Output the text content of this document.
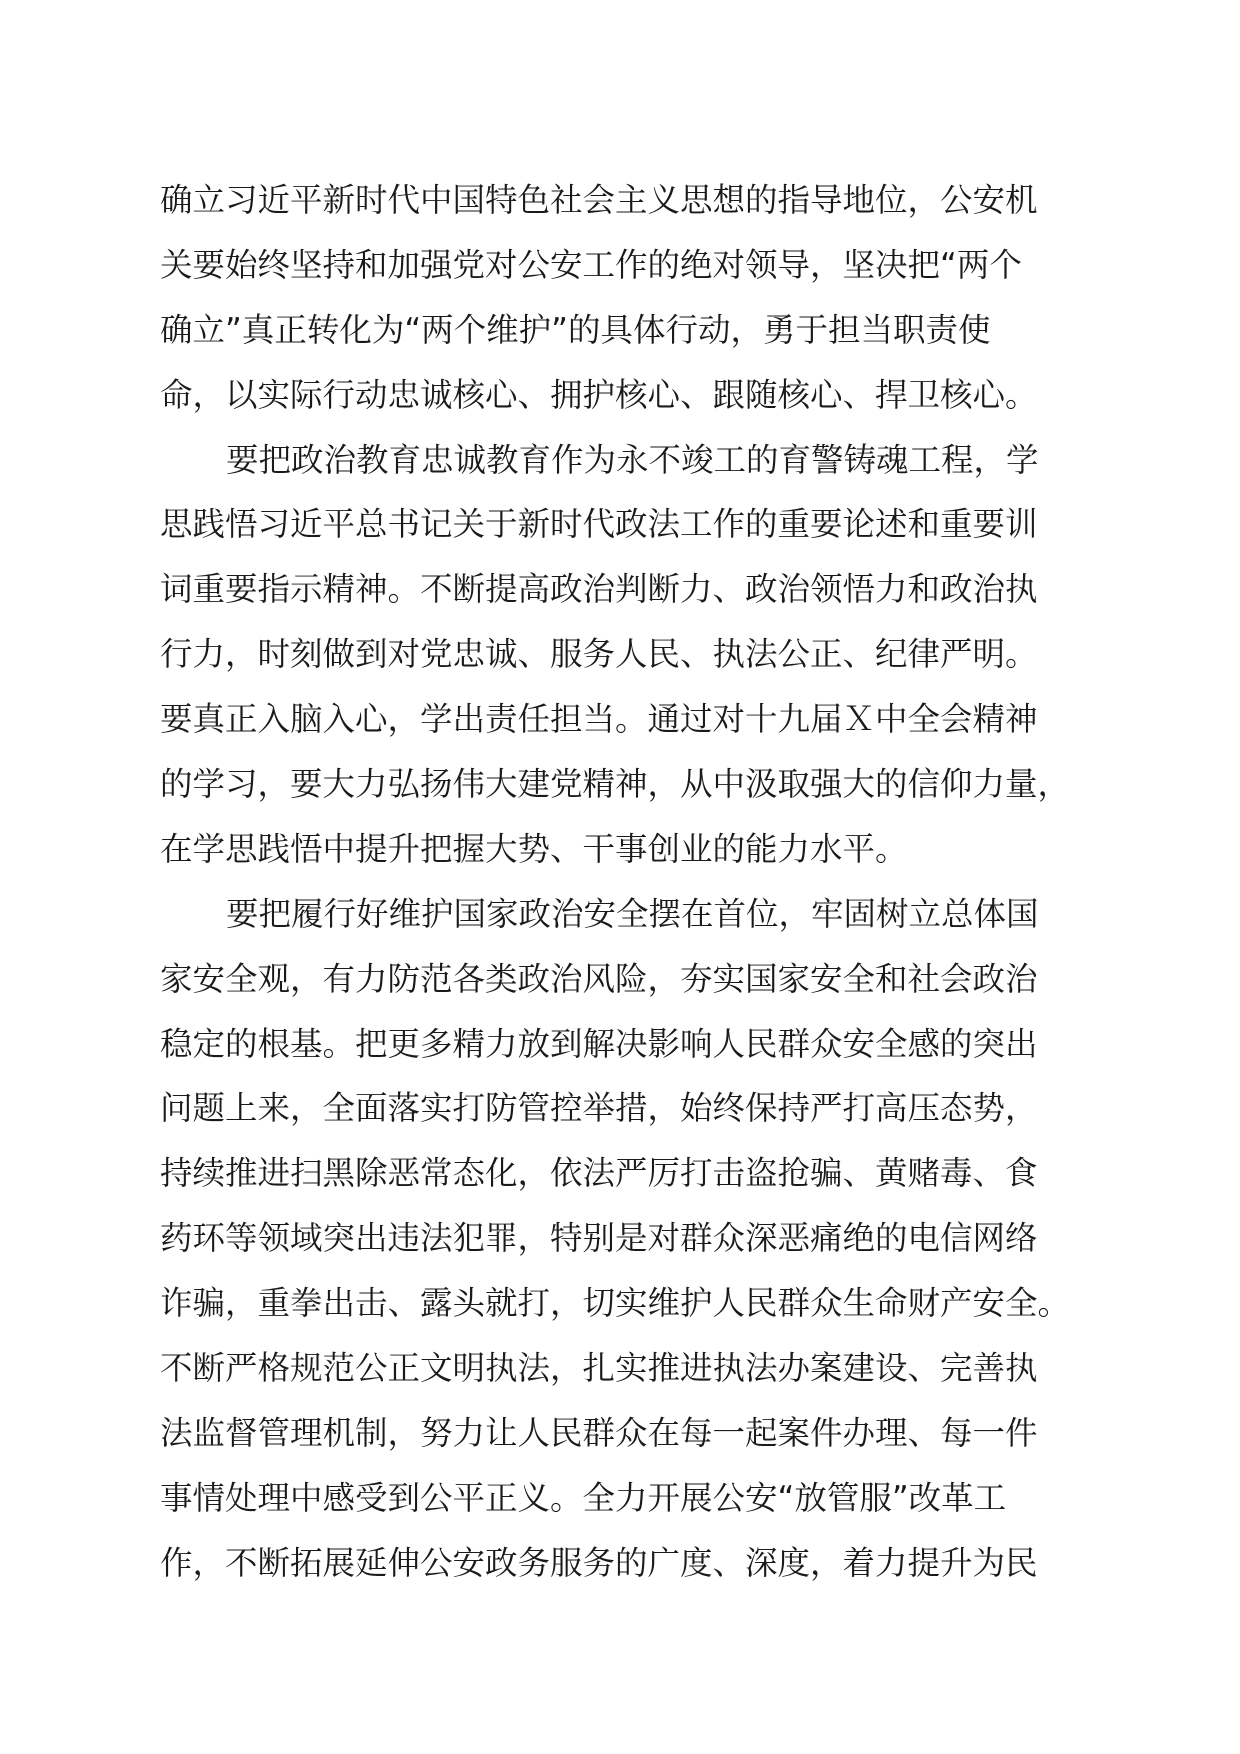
确立习近平新时代中国特色社会主义思想的指导地位，公安机
关要始终坚持和加强党对公安工作的绝对领导，坚决把“两个
确立”真正转化为“两个维护”的具体行动，勇于担当职责使
命，以实际行动忠诚核心、拥护核心、跟随核心、捍卫核心。
要把政治教育忠诚教育作为永不竣工的育警铸魂工程，学
思践悟习近平总书记关于新时代政法工作的重要论述和重要训
词重要指示精神。不断提高政治判断力、政治领悟力和政治执
行力，时刻做到对党忠诚、服务人民、执法公正、纪律严明。
要真正入脑入心，学出责任担当。通过对十九届Ｘ中全会精神
的学习，要大力弘扬伟大建党精神，从中汲取强大的信仰力量，
在学思践悟中提升把握大势、干事创业的能力水平。
要把履行好维护国家政治安全摆在首位，牢固树立总体国
家安全观，有力防范各类政治风险，夯实国家安全和社会政治
稳定的根基。把更多精力放到解决影响人民群众安全感的突出
问题上来，全面落实打防管控举措，始终保持严打高压态势，
持续推进扫黑除恶常态化，依法严厉打击盗抢骗、黄赌毒、食
药环等领域突出违法犯罪，特别是对群众深恶痛绝的电信网络
诈骗，重拳出击、露头就打，切实维护人民群众生命财产安全。
不断严格规范公正文明执法，扎实推进执法办案建设、完善执
法监督管理机制，努力让人民群众在每一起案件办理、每一件
事情处理中感受到公平正义。全力开展公安“放管服”改革工
作，不断拓展延伸公安政务服务的广度、深度，着力提升为民
